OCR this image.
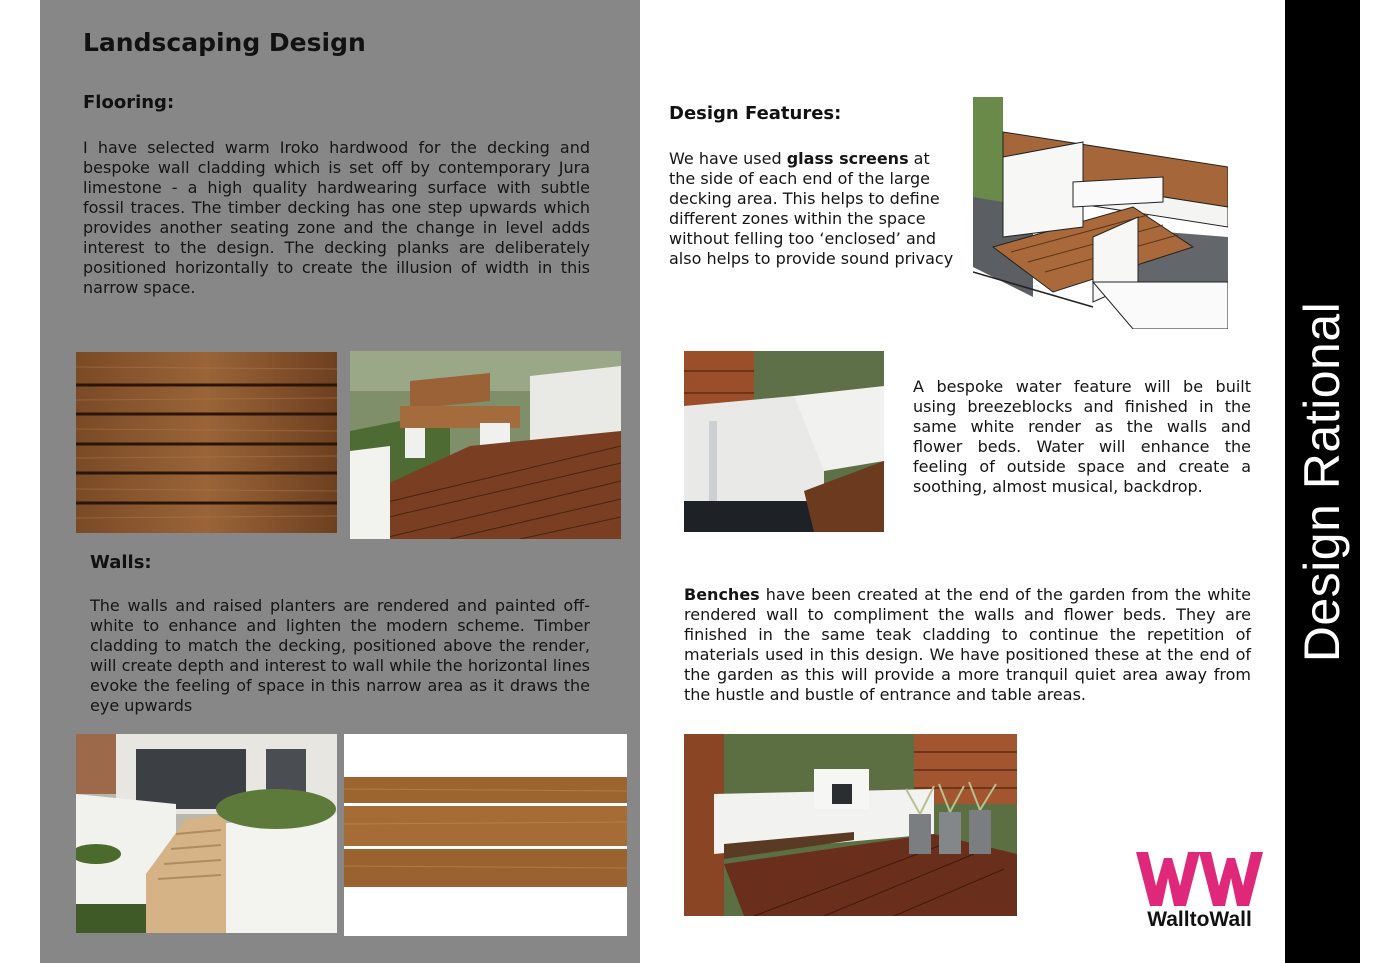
Design Rational
Landscaping Design
Flooring:

I have selected warm Iroko hardwood for the decking and bespoke wall cladding which is set off by contemporary Jura limestone - a high quality hardwearing surface with subtle fossil traces. The timber decking has one step upwards which provides another seating zone and the change in level adds interest to the design. The decking planks are deliberately positioned horizontally to create the illusion of width in this narrow space.

Walls:

The walls and raised planters are rendered and painted off-white to enhance and lighten the modern scheme. Timber cladding to match the decking, positioned above the render, will create depth and interest to wall while the horizontal lines evoke the feeling of space in this narrow area as it draws the eye upwards

Design Features:

We have used glass screens at the side of each end of the large decking area. This helps to define different zones within the space without felling too ‘enclosed’ and also helps to provide sound privacy

A bespoke water feature will be built using breezeblocks and finished in the same white render as the walls and flower beds. Water will enhance the feeling of outside space and create a soothing, almost musical, backdrop.

Benches have been created at the end of the garden from the white rendered wall to compliment the walls and flower beds. They are finished in the same teak cladding to continue the repetition of materials used in this design. We have positioned these at the end of the garden as this will provide a more tranquil quiet area away from the hustle and bustle of entrance and table areas.

WalltoWall
